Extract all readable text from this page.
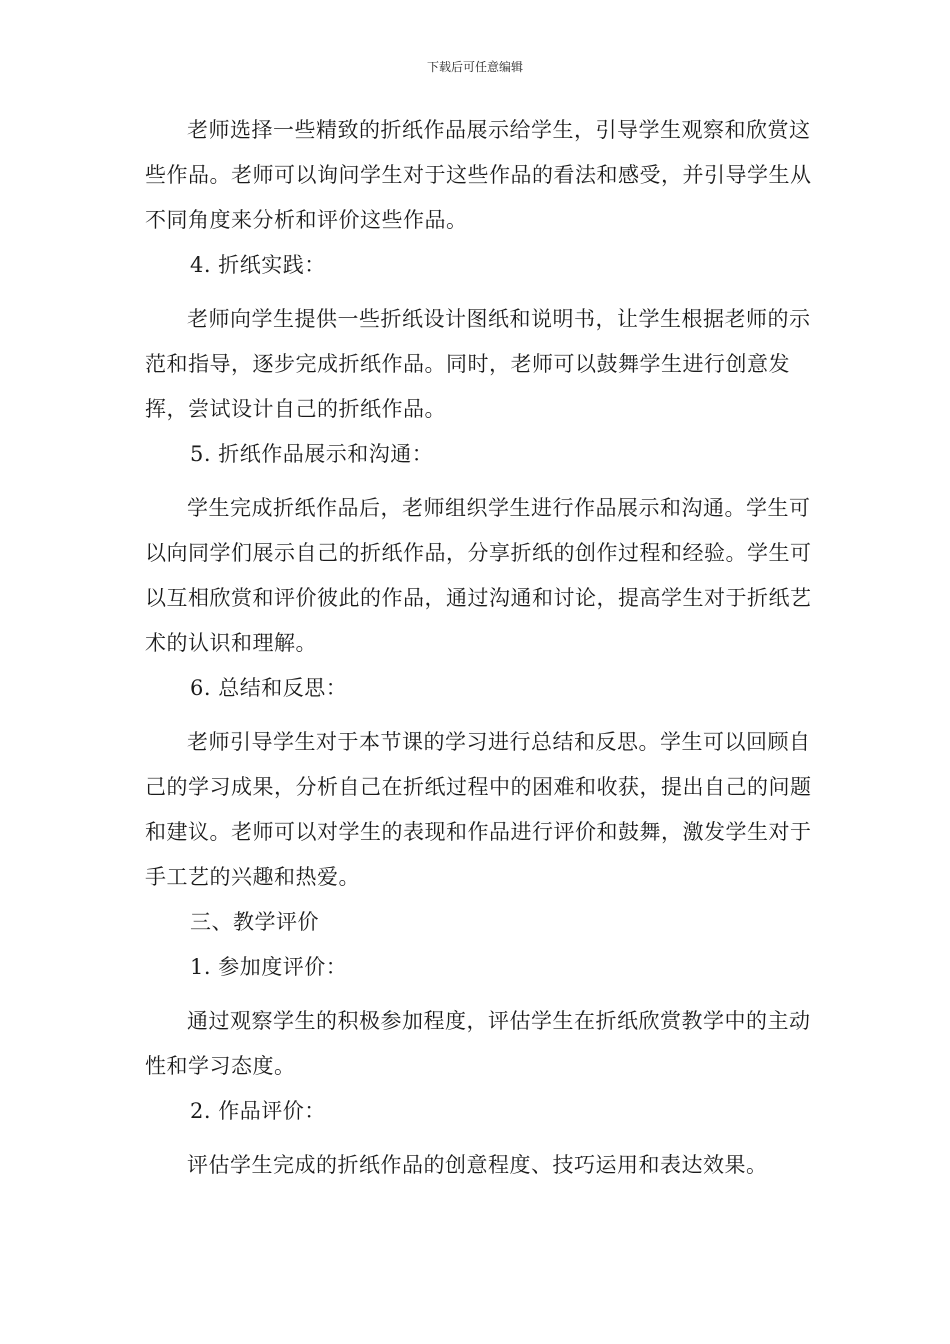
下载后可任意编辑

老师选择一些精致的折纸作品展示给学生，引导学生观察和欣赏这些作品。老师可以询问学生对于这些作品的看法和感受，并引导学生从不同角度来分析和评价这些作品。

4. 折纸实践：

老师向学生提供一些折纸设计图纸和说明书，让学生根据老师的示范和指导，逐步完成折纸作品。同时，老师可以鼓舞学生进行创意发挥，尝试设计自己的折纸作品。

5. 折纸作品展示和沟通：

学生完成折纸作品后，老师组织学生进行作品展示和沟通。学生可以向同学们展示自己的折纸作品，分享折纸的创作过程和经验。学生可以互相欣赏和评价彼此的作品，通过沟通和讨论，提高学生对于折纸艺术的认识和理解。

6. 总结和反思：

老师引导学生对于本节课的学习进行总结和反思。学生可以回顾自己的学习成果，分析自己在折纸过程中的困难和收获，提出自己的问题和建议。老师可以对学生的表现和作品进行评价和鼓舞，激发学生对于手工艺的兴趣和热爱。

三、教学评价

1. 参加度评价：

通过观察学生的积极参加程度，评估学生在折纸欣赏教学中的主动性和学习态度。

2. 作品评价：

评估学生完成的折纸作品的创意程度、技巧运用和表达效果。
